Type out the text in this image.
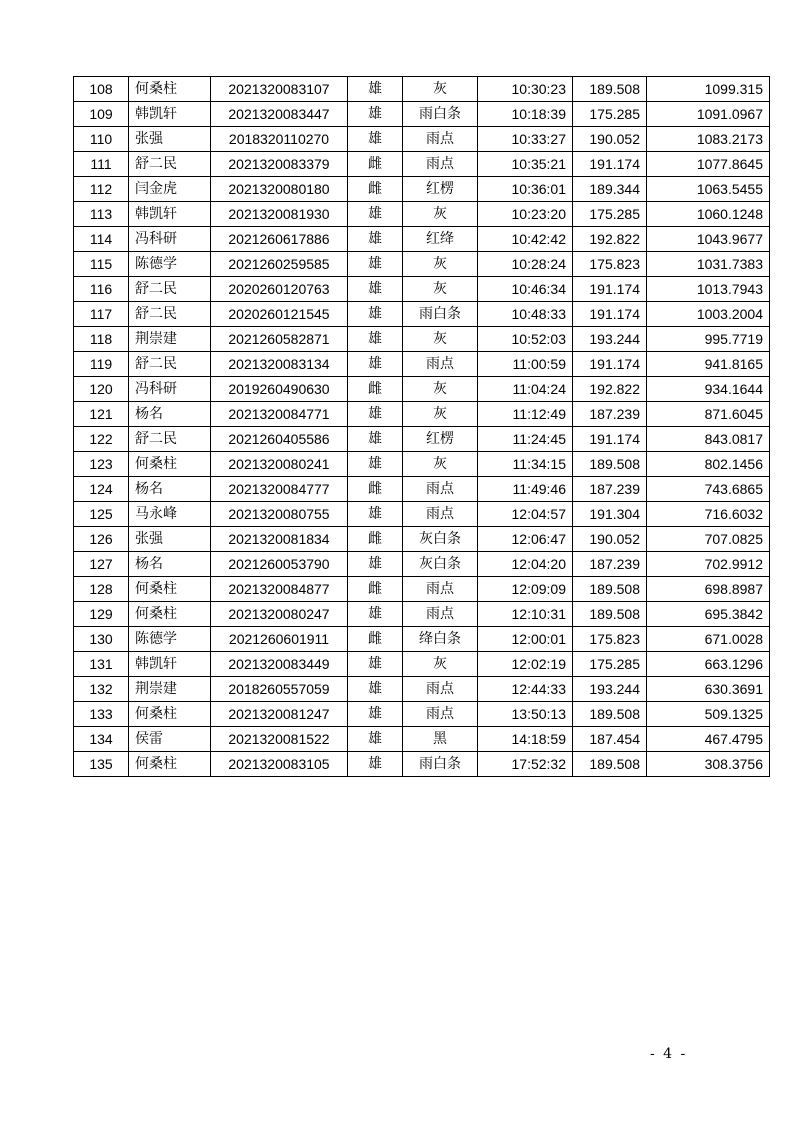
108	何桑柱	2021320083107	雄	灰	10:30:23	189.508	1099.315
109	韩凯轩	2021320083447	雄	雨白条	10:18:39	175.285	1091.0967
110	张强	2018320110270	雄	雨点	10:33:27	190.052	1083.2173
111	舒二民	2021320083379	雌	雨点	10:35:21	191.174	1077.8645
112	闫金虎	2021320080180	雌	红楞	10:36:01	189.344	1063.5455
113	韩凯轩	2021320081930	雄	灰	10:23:20	175.285	1060.1248
114	冯科研	2021260617886	雄	红绛	10:42:42	192.822	1043.9677
115	陈德学	2021260259585	雄	灰	10:28:24	175.823	1031.7383
116	舒二民	2020260120763	雄	灰	10:46:34	191.174	1013.7943
117	舒二民	2020260121545	雄	雨白条	10:48:33	191.174	1003.2004
118	荆崇建	2021260582871	雄	灰	10:52:03	193.244	995.7719
119	舒二民	2021320083134	雄	雨点	11:00:59	191.174	941.8165
120	冯科研	2019260490630	雌	灰	11:04:24	192.822	934.1644
121	杨名	2021320084771	雄	灰	11:12:49	187.239	871.6045
122	舒二民	2021260405586	雄	红楞	11:24:45	191.174	843.0817
123	何桑柱	2021320080241	雄	灰	11:34:15	189.508	802.1456
124	杨名	2021320084777	雌	雨点	11:49:46	187.239	743.6865
125	马永峰	2021320080755	雄	雨点	12:04:57	191.304	716.6032
126	张强	2021320081834	雌	灰白条	12:06:47	190.052	707.0825
127	杨名	2021260053790	雄	灰白条	12:04:20	187.239	702.9912
128	何桑柱	2021320084877	雌	雨点	12:09:09	189.508	698.8987
129	何桑柱	2021320080247	雄	雨点	12:10:31	189.508	695.3842
130	陈德学	2021260601911	雌	绛白条	12:00:01	175.823	671.0028
131	韩凯轩	2021320083449	雄	灰	12:02:19	175.285	663.1296
132	荆崇建	2018260557059	雄	雨点	12:44:33	193.244	630.3691
133	何桑柱	2021320081247	雄	雨点	13:50:13	189.508	509.1325
134	侯雷	2021320081522	雄	黑	14:18:59	187.454	467.4795
135	何桑柱	2021320083105	雄	雨白条	17:52:32	189.508	308.3756
- 4 -
